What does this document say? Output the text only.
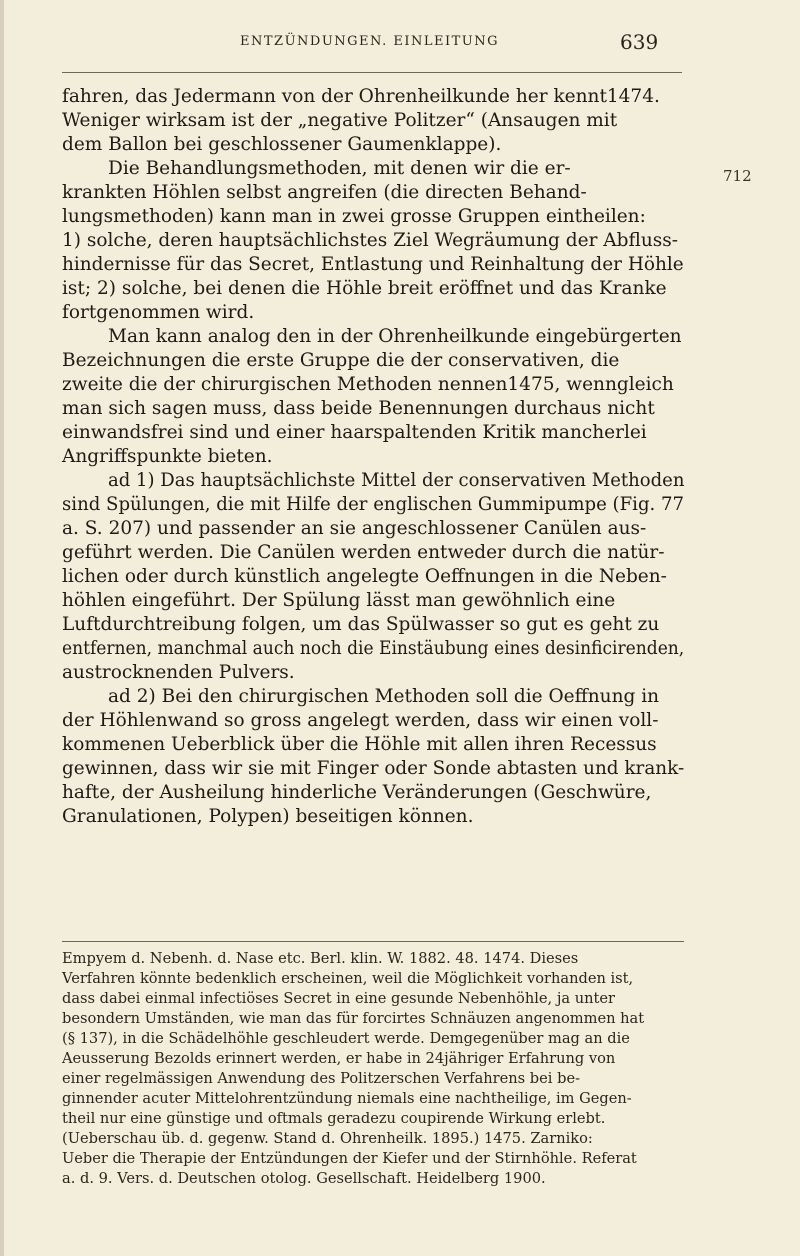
ENTZÜNDUNGEN. EINLEITUNG	639
712
fahren, das Jedermann von der Ohrenheilkunde her kennt1474.
Weniger wirksam ist der „negative Politzer“ (Ansaugen mit
dem Ballon bei geschlossener Gaumenklappe).
Die Behandlungsmethoden, mit denen wir die er-
krankten Höhlen selbst angreifen (die directen Behand-
lungsmethoden) kann man in zwei grosse Gruppen eintheilen:
1) solche, deren hauptsächlichstes Ziel Wegräumung der Abfluss-
hindernisse für das Secret, Entlastung und Reinhaltung der Höhle
ist; 2) solche, bei denen die Höhle breit eröffnet und das Kranke
fortgenommen wird.
Man kann analog den in der Ohrenheilkunde eingebürgerten
Bezeichnungen die erste Gruppe die der conservativen, die
zweite die der chirurgischen Methoden nennen1475, wenngleich
man sich sagen muss, dass beide Benennungen durchaus nicht
einwandsfrei sind und einer haarspaltenden Kritik mancherlei
Angriffspunkte bieten.
ad 1) Das hauptsächlichste Mittel der conservativen Methoden
sind Spülungen, die mit Hilfe der englischen Gummipumpe (Fig. 77
a. S. 207) und passender an sie angeschlossener Canülen aus-
geführt werden. Die Canülen werden entweder durch die natür-
lichen oder durch künstlich angelegte Oeffnungen in die Neben-
höhlen eingeführt. Der Spülung lässt man gewöhnlich eine
Luftdurchtreibung folgen, um das Spülwasser so gut es geht zu
entfernen, manchmal auch noch die Einstäubung eines desinficirenden,
austrocknenden Pulvers.
ad 2) Bei den chirurgischen Methoden soll die Oeffnung in
der Höhlenwand so gross angelegt werden, dass wir einen voll-
kommenen Ueberblick über die Höhle mit allen ihren Recessus
gewinnen, dass wir sie mit Finger oder Sonde abtasten und krank-
hafte, der Ausheilung hinderliche Veränderungen (Geschwüre,
Granulationen, Polypen) beseitigen können.
Empyem d. Nebenh. d. Nase etc. Berl. klin. W. 1882. 48. 1474. Dieses
Verfahren könnte bedenklich erscheinen, weil die Möglichkeit vorhanden ist,
dass dabei einmal infectiöses Secret in eine gesunde Nebenhöhle, ja unter
besondern Umständen, wie man das für forcirtes Schnäuzen angenommen hat
(§ 137), in die Schädelhöhle geschleudert werde. Demgegenüber mag an die
Aeusserung Bezolds erinnert werden, er habe in 24jähriger Erfahrung von
einer regelmässigen Anwendung des Politzerschen Verfahrens bei be-
ginnender acuter Mittelohrentzündung niemals eine nachtheilige, im Gegen-
theil nur eine günstige und oftmals geradezu coupirende Wirkung erlebt.
(Ueberschau üb. d. gegenw. Stand d. Ohrenheilk. 1895.) 1475. Zarniko:
Ueber die Therapie der Entzündungen der Kiefer und der Stirnhöhle. Referat
a. d. 9. Vers. d. Deutschen otolog. Gesellschaft. Heidelberg 1900.
